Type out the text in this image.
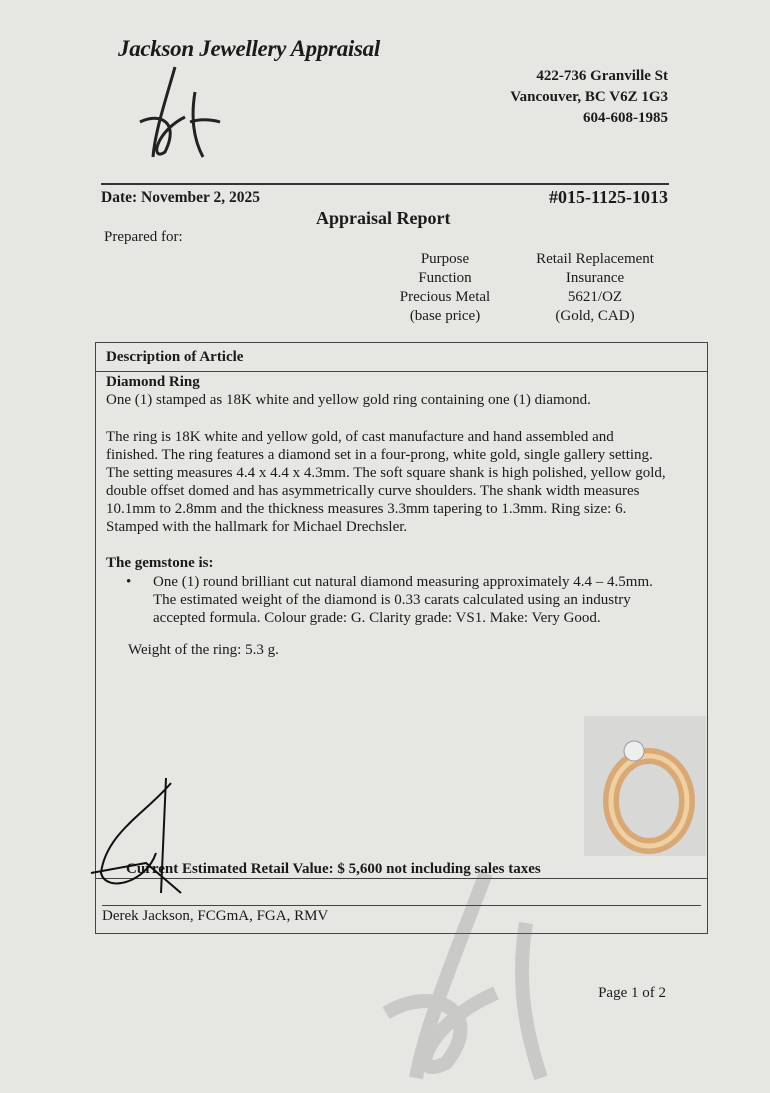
Jackson Jewellery Appraisal
422-736 Granville St
Vancouver, BC V6Z 1G3
604-608-1985
Date: November 2, 2025	#015-1125-1013
Appraisal Report
Prepared for:
Purpose
Function
Precious Metal
(base price)
Retail Replacement
Insurance
5621/OZ
(Gold, CAD)
Description of Article
Diamond Ring
One (1) stamped as 18K white and yellow gold ring containing one (1) diamond.
The ring is 18K white and yellow gold, of cast manufacture and hand assembled and
finished. The ring features a diamond set in a four-prong, white gold, single gallery setting.
The setting measures 4.4 x 4.4 x 4.3mm. The soft square shank is high polished, yellow gold,
double offset domed and has asymmetrically curve shoulders. The shank width measures
10.1mm to 2.8mm and the thickness measures 3.3mm tapering to 1.3mm. Ring size: 6.
Stamped with the hallmark for Michael Drechsler.
The gemstone is:
• One (1) round brilliant cut natural diamond measuring approximately 4.4 – 4.5mm.
The estimated weight of the diamond is 0.33 carats calculated using an industry
accepted formula. Colour grade: G. Clarity grade: VS1. Make: Very Good.
Weight of the ring: 5.3 g.
Current Estimated Retail Value: $ 5,600 not including sales taxes
Derek Jackson, FCGmA, FGA, RMV
Page 1 of 2
